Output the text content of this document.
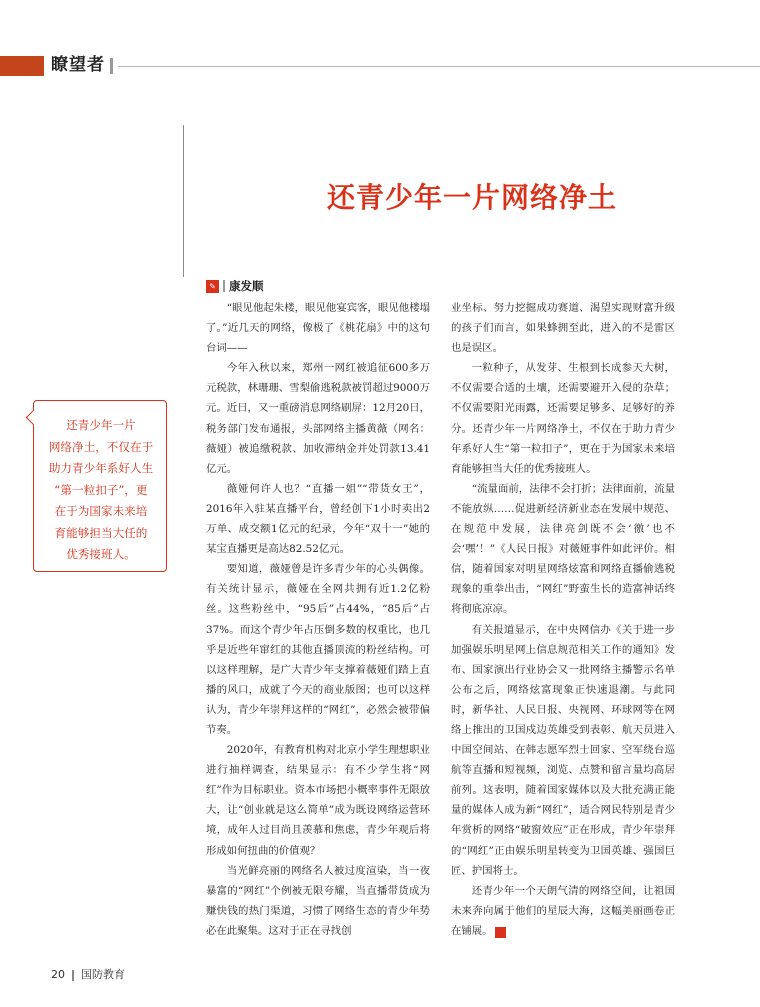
瞭望者
还青少年一片网络净土
✎ 康发顺

“眼见他起朱楼，眼见他宴宾客，眼见他楼塌了。”近几天的网络，像极了《桃花扇》中的这句台词——

今年入秋以来，郑州一网红被追征600多万元税款，林珊珊、雪梨偷逃税款被罚超过9000万元。近日，又一重磅消息网络刷屏：12月20日，税务部门发布通报，头部网络主播黄薇（网名：薇娅）被追缴税款、加收滞纳金并处罚款13.41亿元。

薇娅何许人也？“直播一姐”“带货女王”，2016年入驻某直播平台，曾经创下1小时卖出2万单、成交额1亿元的纪录，今年“双十一”她的某宝直播更是高达82.52亿元。

要知道，薇娅曾是许多青少年的心头偶像。有关统计显示，薇娅在全网共拥有近1.2亿粉丝。这些粉丝中，“95后”占44%，“85后”占37%。而这个青少年占压倒多数的权重比，也几乎是近些年窜红的其他直播顶流的粉丝结构。可以这样理解，是广大青少年支撑着薇娅们踏上直播的风口，成就了今天的商业版图；也可以这样认为，青少年崇拜这样的“网红”，必然会被带偏节奏。

2020年，有教育机构对北京小学生理想职业进行抽样调查，结果显示：有不少学生将“网红”作为目标职业。资本市场把小概率事件无限放大，让“创业就是这么简单”成为既设网络运营环境，成年人过目尚且羡慕和焦虑，青少年观后将形成如何扭曲的价值观？

当光鲜亮丽的网络名人被过度渲染，当一夜暴富的“网红”个例被无限夸耀，当直播带货成为赚快钱的热门渠道，习惯了网络生态的青少年势必在此聚集。这对于正在寻找创

业坐标、努力挖掘成功赛道、渴望实现财富升级的孩子们而言，如果蜂拥至此，进入的不是雷区也是误区。

一粒种子，从发芽、生根到长成参天大树，不仅需要合适的土壤，还需要避开入侵的杂草；不仅需要阳光雨露，还需要足够多、足够好的养分。还青少年一片网络净土，不仅在于助力青少年系好人生“第一粒扣子”，更在于为国家未来培育能够担当大任的优秀接班人。

“流量面前，法律不会打折；法律面前，流量不能放纵……促进新经济新业态在发展中规范、在规范中发展，法律亮剑既不会‘徼’也不会‘嘿’！”《人民日报》对薇娅事件如此评价。相信，随着国家对明星网络炫富和网络直播偷逃税现象的重拳出击，“网红”野蛮生长的造富神话终将彻底凉凉。

有关报道显示，在中央网信办《关于进一步加强娱乐明星网上信息规范相关工作的通知》发布、国家演出行业协会又一批网络主播警示名单公布之后，网络炫富现象正快速退潮。与此同时，新华社、人民日报、央视网、环球网等在网络上推出的卫国戍边英雄受到表彰、航天员进入中国空间站、在韩志愿军烈士回家、空军绕台巡航等直播和短视频，浏览、点赞和留言量均高居前列。这表明，随着国家媒体以及大批充满正能量的媒体人成为新“网红”，适合网民特别是青少年赏析的网络“破窗效应”正在形成，青少年崇拜的“网红”正由娱乐明星转变为卫国英雄、强国巨匠、护国将士。

还青少年一个天朗气清的网络空间，让祖国未来奔向属于他们的星辰大海，这幅美丽画卷正在铺展。	G

还青少年一片
网络净土，不仅在于
助力青少年系好人生
“第一粒扣子”，更
在于为国家未来培
育能够担当大任的
优秀接班人。
20 国防教育
